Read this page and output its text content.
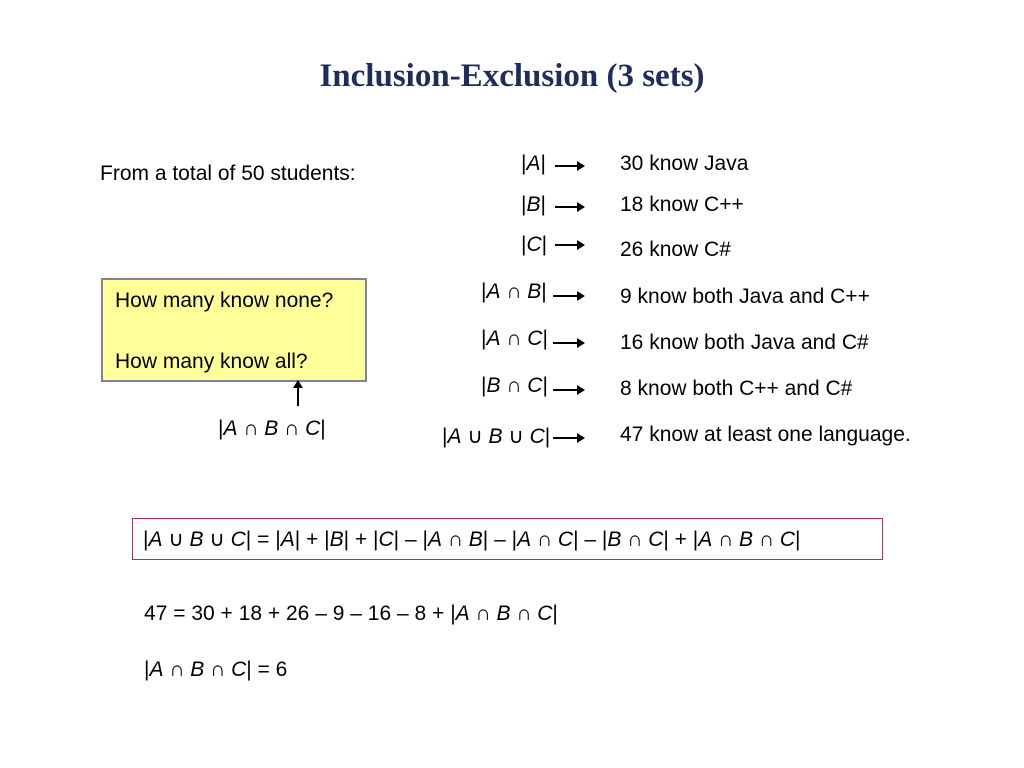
Inclusion-Exclusion (3 sets)
From a total of 50 students:	|A|	30 know Java
|B|	18 know C++
|C|	26 know C#
|A ∩ B|	9 know both Java and C++
|A ∩ C|	16 know both Java and C#
|B ∩ C|	8 know both C++ and C#
|A ∪ B ∪ C|	47 know at least one language.
How many know none?
How many know all?
|A ∩ B ∩ C|
|A ∪ B ∪ C| = |A| + |B| + |C| – |A ∩ B| – |A ∩ C| – |B ∩ C| + |A ∩ B ∩ C|
47 = 30 + 18 + 26 – 9 – 16 – 8 + |A ∩ B ∩ C|
|A ∩ B ∩ C| = 6
